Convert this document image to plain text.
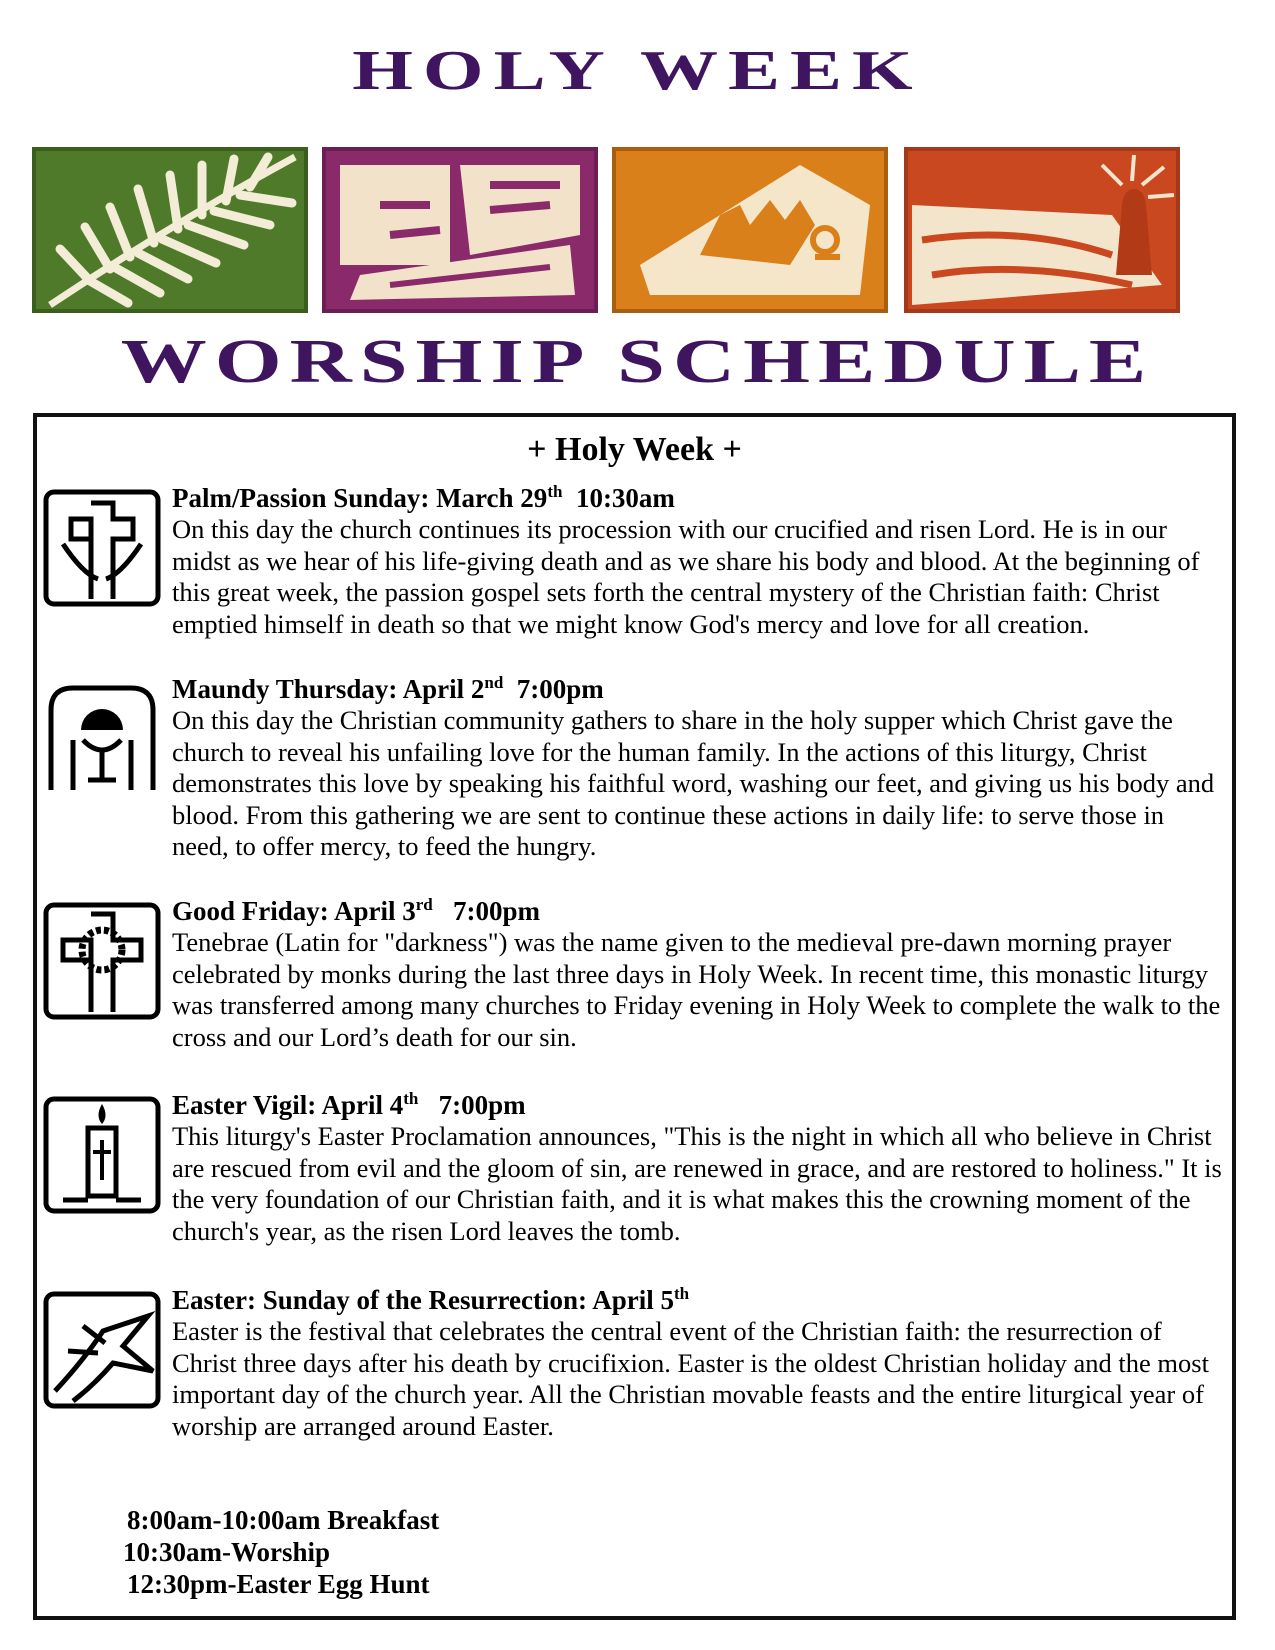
HOLY WEEK
WORSHIP SCHEDULE
+ Holy Week +
Palm/Passion Sunday: March 29th  10:30am
On this day the church continues its procession with our crucified and risen Lord. He is in our midst as we hear of his life-giving death and as we share his body and blood. At the beginning of this great week, the passion gospel sets forth the central mystery of the Christian faith: Christ emptied himself in death so that we might know God's mercy and love for all creation.
Maundy Thursday: April 2nd  7:00pm
On this day the Christian community gathers to share in the holy supper which Christ gave the church to reveal his unfailing love for the human family. In the actions of this liturgy, Christ demonstrates this love by speaking his faithful word, washing our feet, and giving us his body and blood. From this gathering we are sent to continue these actions in daily life: to serve those in need, to offer mercy, to feed the hungry.
Good Friday: April 3rd   7:00pm
Tenebrae (Latin for "darkness") was the name given to the medieval pre-dawn morning prayer celebrated by monks during the last three days in Holy Week. In recent time, this monastic liturgy was transferred among many churches to Friday evening in Holy Week to complete the walk to the cross and our Lord’s death for our sin.
Easter Vigil: April 4th   7:00pm
This liturgy's Easter Proclamation announces, "This is the night in which all who believe in Christ are rescued from evil and the gloom of sin, are renewed in grace, and are restored to holiness." It is the very foundation of our Christian faith, and it is what makes this the crowning moment of the church's year, as the risen Lord leaves the tomb.
Easter: Sunday of the Resurrection: April 5th
Easter is the festival that celebrates the central event of the Christian faith: the resurrection of Christ three days after his death by crucifixion. Easter is the oldest Christian holiday and the most important day of the church year. All the Christian movable feasts and the entire liturgical year of worship are arranged around Easter.
8:00am-10:00am Breakfast
10:30am-Worship
12:30pm-Easter Egg Hunt
